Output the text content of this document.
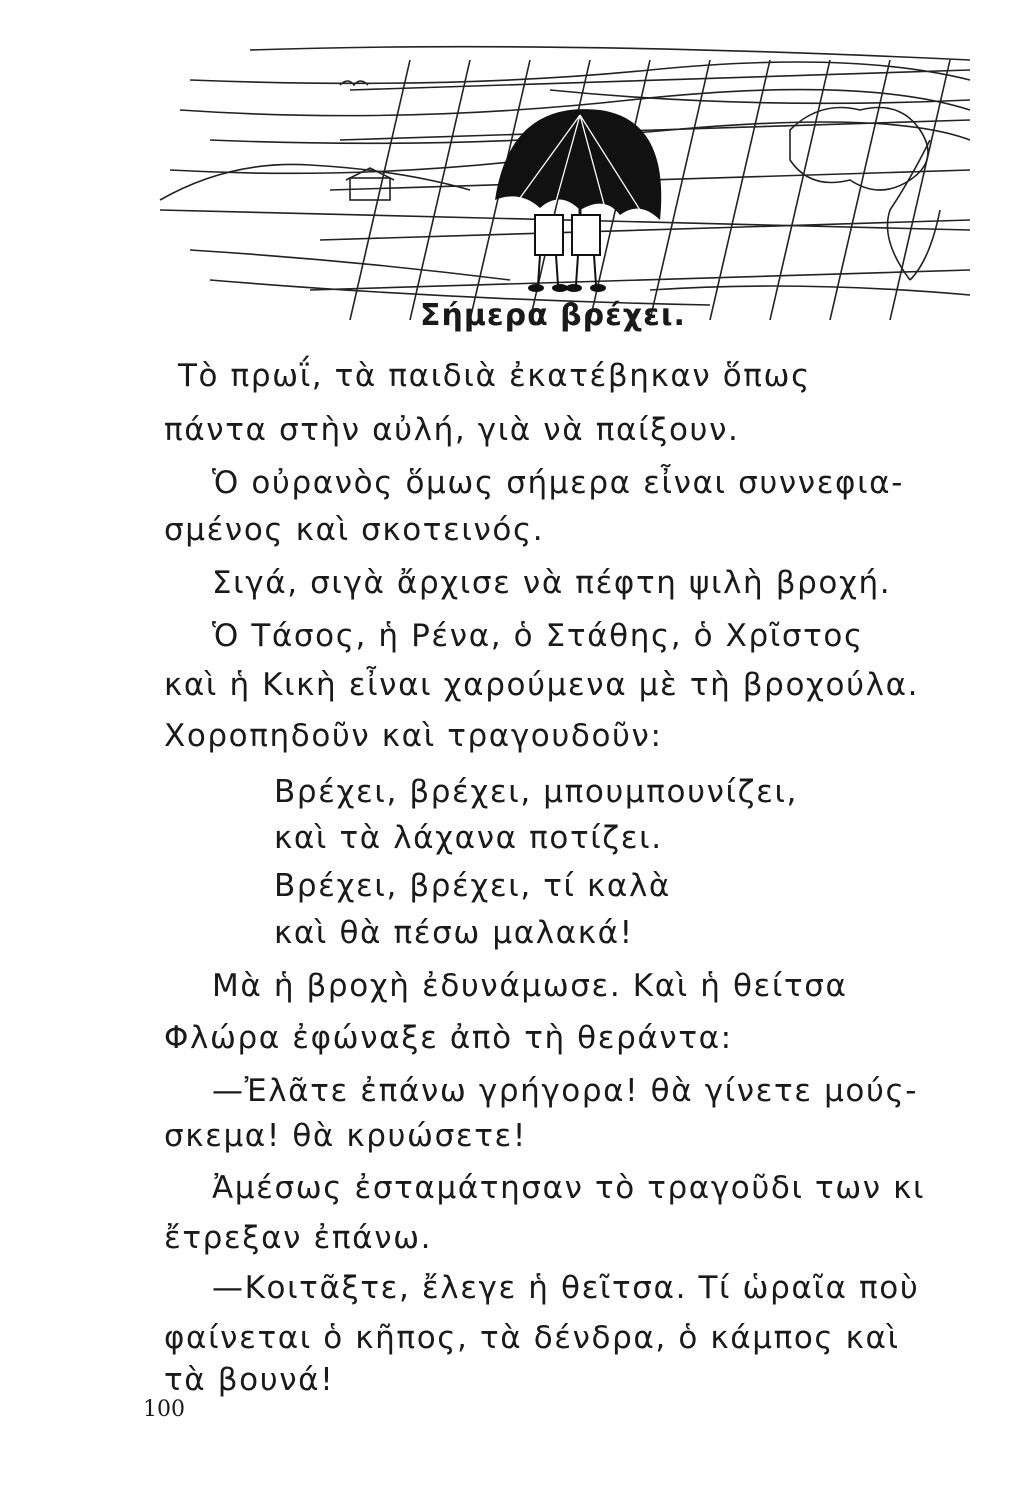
Σήμερα βρέχει.
Τὸ πρωΐ, τὰ παιδιὰ ἐκατέβηκαν ὅπως
πάντα στὴν αὐλή, γιὰ νὰ παίξουν.
Ὁ οὐρανὸς ὅμως σήμερα εἶναι συννεφια-
σμένος καὶ σκοτεινός.
Σιγά, σιγὰ ἄρχισε νὰ πέφτη ψιλὴ βροχή.
Ὁ Τάσος, ἡ Ρένα, ὁ Στάθης, ὁ Χρῖστος
καὶ ἡ Κικὴ εἶναι χαρούμενα μὲ τὴ βροχούλα.
Χοροπηδοῦν καὶ τραγουδοῦν:
Βρέχει, βρέχει, μπουμπουνίζει,
καὶ τὰ λάχανα ποτίζει.
Βρέχει, βρέχει, τί καλὰ
καὶ θὰ πέσω μαλακά!
Μὰ ἡ βροχὴ ἐδυνάμωσε. Καὶ ἡ θείτσα
Φλώρα ἐφώναξε ἀπὸ τὴ θεράντα:
—Ἐλᾶτε ἐπάνω γρήγορα! θὰ γίνετε μούς-
σκεμα! θὰ κρυώσετε!
Ἀμέσως ἐσταμάτησαν τὸ τραγοῦδι των κι
ἔτρεξαν ἐπάνω.
—Κοιτᾶξτε, ἔλεγε ἡ θεῖτσα. Τί ὡραῖα ποὺ
φαίνεται ὁ κῆπος, τὰ δένδρα, ὁ κάμπος καὶ
τὰ βουνά!
100
